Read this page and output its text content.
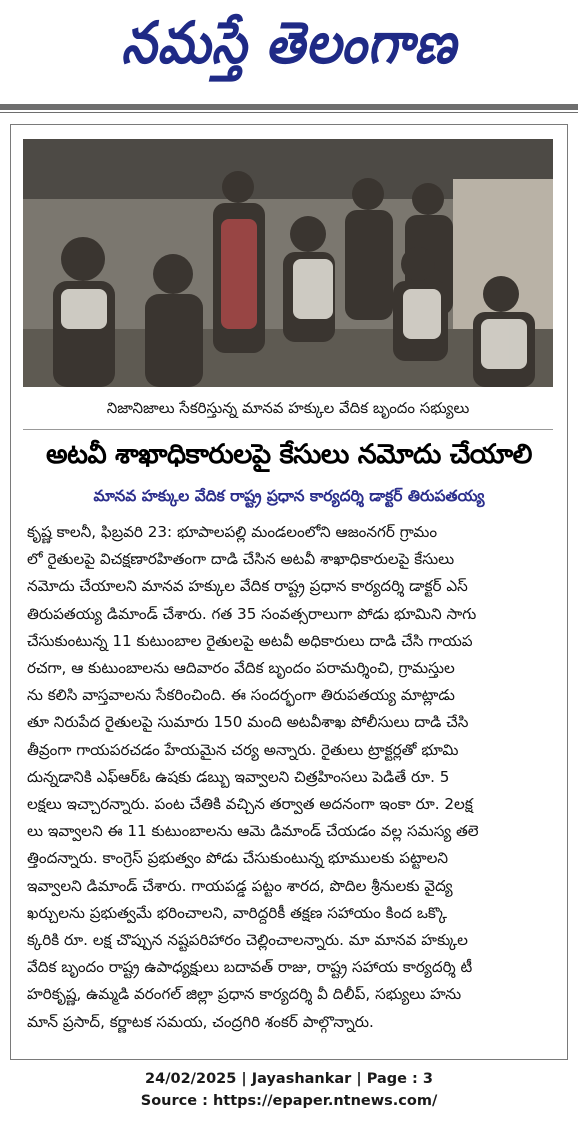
నమస్తే తెలంగాణ
నిజానిజాలు సేకరిస్తున్న మానవ హక్కుల వేదిక బృందం సభ్యులు
అటవీ శాఖాధికారులపై కేసులు నమోదు చేయాలి
మానవ హక్కుల వేదిక రాష్ట్ర ప్రధాన కార్యదర్శి డాక్టర్ తిరుపతయ్య
కృష్ణ కాలనీ, ఫిబ్రవరి 23: భూపాలపల్లి మండలంలోని ఆజంనగర్ గ్రామం
లో రైతులపై విచక్షణారహితంగా దాడి చేసిన అటవీ శాఖాధికారులపై కేసులు
నమోదు చేయాలని మానవ హక్కుల వేదిక రాష్ట్ర ప్రధాన కార్యదర్శి డాక్టర్ ఎస్
తిరుపతయ్య డిమాండ్ చేశారు. గత 35 సంవత్సరాలుగా పోడు భూమిని సాగు
చేసుకుంటున్న 11 కుటుంబాల రైతులపై అటవీ అధికారులు దాడి చేసి గాయప
రచగా, ఆ కుటుంబాలను ఆదివారం వేదిక బృందం పరామర్శించి, గ్రామస్తుల
ను కలిసి వాస్తవాలను సేకరించింది. ఈ సందర్భంగా తిరుపతయ్య మాట్లాడు
తూ నిరుపేద రైతులపై సుమారు 150 మంది అటవీశాఖ పోలీసులు దాడి చేసి
తీవ్రంగా గాయపరచడం హేయమైన చర్య అన్నారు. రైతులు ట్రాక్టర్లతో భూమి
దున్నడానికి ఎఫ్ఆర్ఓ ఉషకు డబ్బు ఇవ్వాలని చిత్రహింసలు పెడితే రూ. 5
లక్షలు ఇచ్చారన్నారు. పంట చేతికి వచ్చిన తర్వాత అదనంగా ఇంకా రూ. 2లక్ష
లు ఇవ్వాలని ఈ 11 కుటుంబాలను ఆమె డిమాండ్ చేయడం వల్ల సమస్య తలె
త్తిందన్నారు. కాంగ్రెస్ ప్రభుత్వం పోడు చేసుకుంటున్న భూములకు పట్టాలని
ఇవ్వాలని డిమాండ్ చేశారు. గాయపడ్డ పట్టం శారద, పొదిల శ్రీనులకు వైద్య
ఖర్చులను ప్రభుత్వమే భరించాలని, వారిద్దరికీ తక్షణ సహాయం కింద ఒక్కొ
క్కరికి రూ. లక్ష చొప్పున నష్టపరిహారం చెల్లించాలన్నారు. మా మానవ హక్కుల
వేదిక బృందం రాష్ట్ర ఉపాధ్యక్షులు బదావత్ రాజు, రాష్ట్ర సహాయ కార్యదర్శి టీ
హరికృష్ణ, ఉమ్మడి వరంగల్ జిల్లా ప్రధాన కార్యదర్శి వీ దిలీప్, సభ్యులు హను
మాన్ ప్రసాద్, కర్ణాటక సమయ, చంద్రగిరి శంకర్ పాల్గొన్నారు.
24/02/2025 | Jayashankar | Page : 3
Source : https://epaper.ntnews.com/
